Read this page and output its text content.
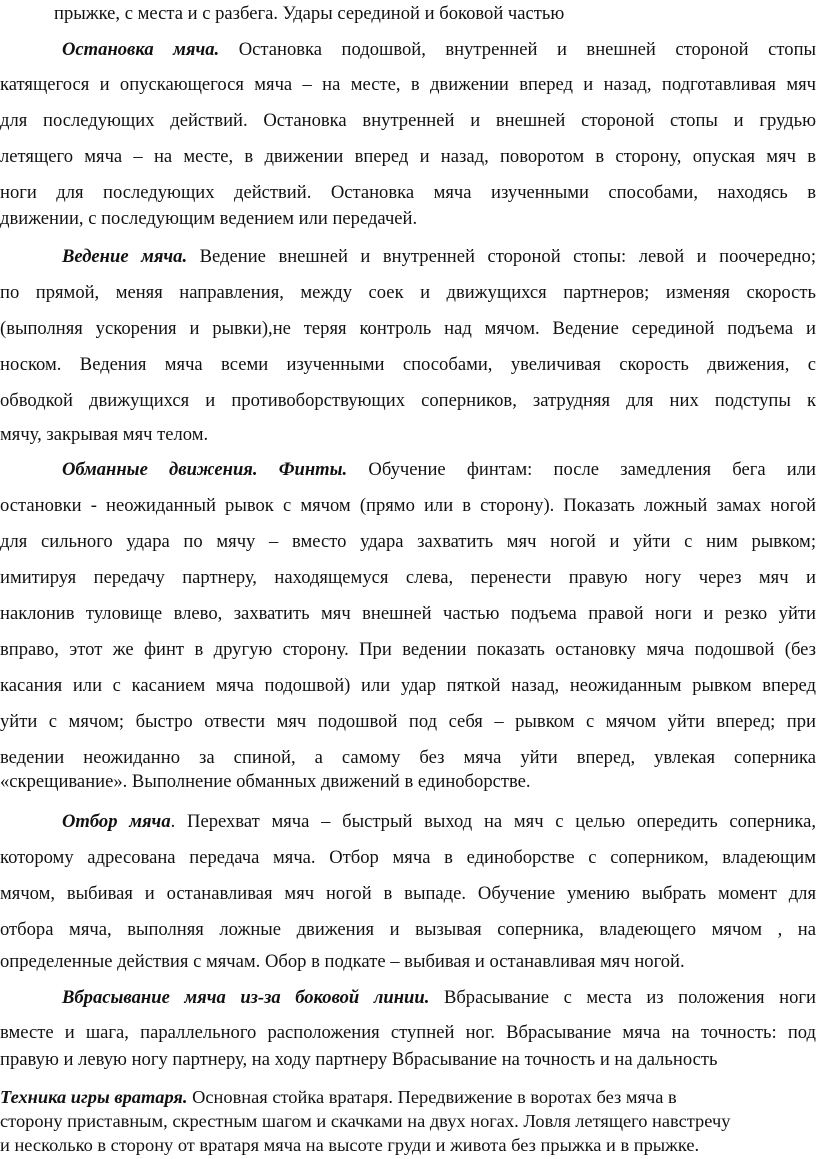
прыжке, с места и с разбега. Удары серединой и боковой частью
Остановка мяча. Остановка подошвой, внутренней и внешней стороной стопы
катящегося и опускающегося мяча – на месте, в движении вперед и назад, подготавливая мяч
для последующих действий. Остановка внутренней и внешней стороной стопы и грудью
летящего мяча – на месте, в движении вперед и назад, поворотом в сторону, опуская мяч в
ноги для последующих действий. Остановка мяча изученными способами, находясь в
движении, с последующим ведением или передачей.
Ведение мяча. Ведение внешней и внутренней стороной стопы: левой и поочередно;
по прямой, меняя направления, между соек и движущихся партнеров; изменяя скорость
(выполняя ускорения и рывки),не теряя контроль над мячом. Ведение серединой подъема и
носком. Ведения мяча всеми изученными способами, увеличивая скорость движения, с
обводкой движущихся и противоборствующих соперников, затрудняя для них подступы к
мячу, закрывая мяч телом.
Обманные движения. Финты. Обучение финтам: после замедления бега или
остановки - неожиданный рывок с мячом (прямо или в сторону). Показать ложный замах ногой
для сильного удара по мячу – вместо удара захватить мяч ногой и уйти с ним рывком;
имитируя передачу партнеру, находящемуся слева, перенести правую ногу через мяч и
наклонив туловище влево, захватить мяч внешней частью подъема правой ноги и резко уйти
вправо, этот же финт в другую сторону. При ведении показать остановку мяча подошвой (без
касания или с касанием мяча подошвой) или удар пяткой назад, неожиданным рывком вперед
уйти с мячом; быстро отвести мяч подошвой под себя – рывком с мячом уйти вперед; при
ведении неожиданно за спиной, а самому без мяча уйти вперед, увлекая соперника
«скрещивание». Выполнение обманных движений в единоборстве.
Отбор мяча. Перехват мяча – быстрый выход на мяч с целью опередить соперника,
которому адресована передача мяча. Отбор мяча в единоборстве с соперником, владеющим
мячом, выбивая и останавливая мяч ногой в выпаде. Обучение умению выбрать момент для
отбора мяча, выполняя ложные движения и вызывая соперника, владеющего мячом , на
определенные действия с мячам. Обор в подкате – выбивая и останавливая мяч ногой.
Вбрасывание мяча из-за боковой линии. Вбрасывание с места из положения ноги
вместе и шага, параллельного расположения ступней ног. Вбрасывание мяча на точность: под
правую и левую ногу партнеру, на ходу партнеру Вбрасывание на точность и на дальность
Техника игры вратаря. Основная стойка вратаря. Передвижение в воротах без мяча в
сторону приставным, скрестным шагом и скачками на двух ногах. Ловля летящего навстречу
и несколько в сторону от вратаря мяча на высоте груди и живота без прыжка и в прыжке.
